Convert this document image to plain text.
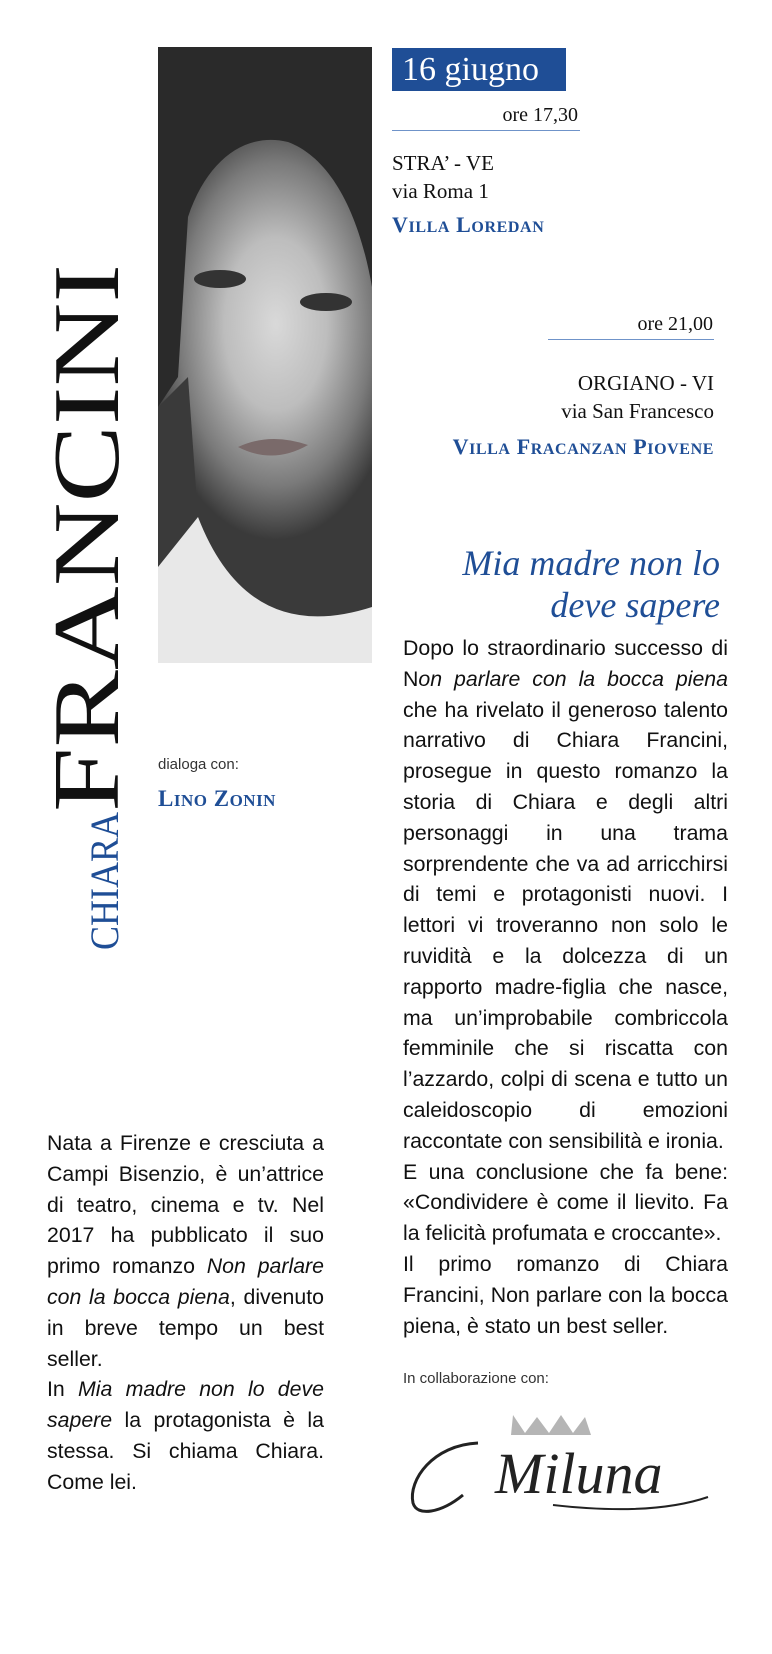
FRANCINI
CHIARA
dialoga con:
LINO ZONIN
16 giugno
ore 17,30
STRA’ - VE
via Roma 1
VILLA LOREDAN
ore 21,00
ORGIANO - VI
via San Francesco
VILLA FRACANZAN PIOVENE
Mia madre non lo
deve sapere

Dopo lo straordinario successo di Non parlare con la bocca piena che ha rivelato il generoso talento narrativo di Chiara Francini, prosegue in questo romanzo la storia di Chiara e degli altri personaggi in una trama sorprendente che va ad arricchirsi di temi e protagonisti nuovi. I lettori vi troveranno non solo le ruvidità e la dolcezza di un rapporto madre-figlia che nasce, ma un’improbabile combriccola femminile che si riscatta con l’azzardo, colpi di scena e tutto un caleidoscopio di emozioni raccontate con sensibilità e ironia.

E una conclusione che fa bene: «Condividere è come il lievito. Fa la felicità profumata e croccante».

Il primo romanzo di Chiara Francini, Non parlare con la bocca piena, è stato un best seller.

Nata a Firenze e cresciuta a Campi Bisenzio, è un’attrice di teatro, cinema e tv. Nel 2017 ha pubblicato il suo primo romanzo Non parlare con la bocca piena, divenuto in breve tempo un best seller.

In Mia madre non lo deve sapere la protagonista è la stessa. Si chiama Chiara. Come lei.

In collaborazione con:
Miluna
